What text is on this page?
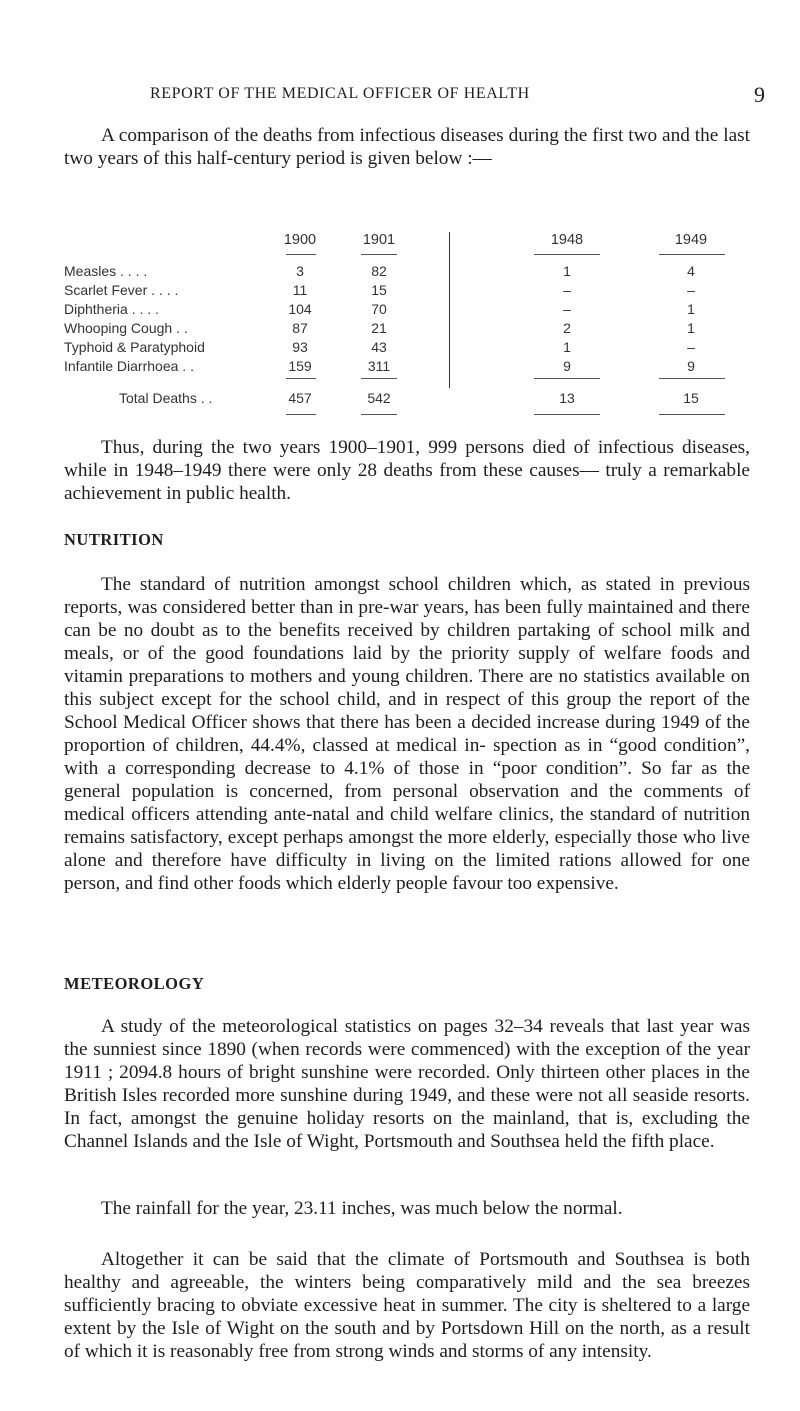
REPORT OF THE MEDICAL OFFICER OF HEALTH	9

A comparison of the deaths from infectious diseases during the first two and the last two years of this half-century period is given below :—

1900	1901	1948	1949
Measles . . . .	3	82	1	4
Scarlet Fever . . . .	11	15	–	–
Diphtheria . . . .	104	70	–	1
Whooping Cough . .	87	21	2	1
Typhoid & Paratyphoid	93	43	1	–
Infantile Diarrhoea . .	159	311	9	9
Total Deaths . .	457	542	13	15

Thus, during the two years 1900–1901, 999 persons died of infectious diseases, while in 1948–1949 there were only 28 deaths from these causes— truly a remarkable achievement in public health.

NUTRITION

The standard of nutrition amongst school children which, as stated in previous reports, was considered better than in pre-war years, has been fully maintained and there can be no doubt as to the benefits received by children partaking of school milk and meals, or of the good foundations laid by the priority supply of welfare foods and vitamin preparations to mothers and young children. There are no statistics available on this subject except for the school child, and in respect of this group the report of the School Medical Officer shows that there has been a decided increase during 1949 of the proportion of children, 44.4%, classed at medical in- spection as in “good condition”, with a corresponding decrease to 4.1% of those in “poor condition”. So far as the general population is concerned, from personal observation and the comments of medical officers attending ante-natal and child welfare clinics, the standard of nutrition remains satisfactory, except perhaps amongst the more elderly, especially those who live alone and therefore have difficulty in living on the limited rations allowed for one person, and find other foods which elderly people favour too expensive.

METEOROLOGY

A study of the meteorological statistics on pages 32–34 reveals that last year was the sunniest since 1890 (when records were commenced) with the exception of the year 1911 ; 2094.8 hours of bright sunshine were recorded. Only thirteen other places in the British Isles recorded more sunshine during 1949, and these were not all seaside resorts. In fact, amongst the genuine holiday resorts on the mainland, that is, excluding the Channel Islands and the Isle of Wight, Portsmouth and Southsea held the fifth place.

The rainfall for the year, 23.11 inches, was much below the normal.

Altogether it can be said that the climate of Portsmouth and Southsea is both healthy and agreeable, the winters being comparatively mild and the sea breezes sufficiently bracing to obviate excessive heat in summer. The city is sheltered to a large extent by the Isle of Wight on the south and by Portsdown Hill on the north, as a result of which it is reasonably free from strong winds and storms of any intensity.
